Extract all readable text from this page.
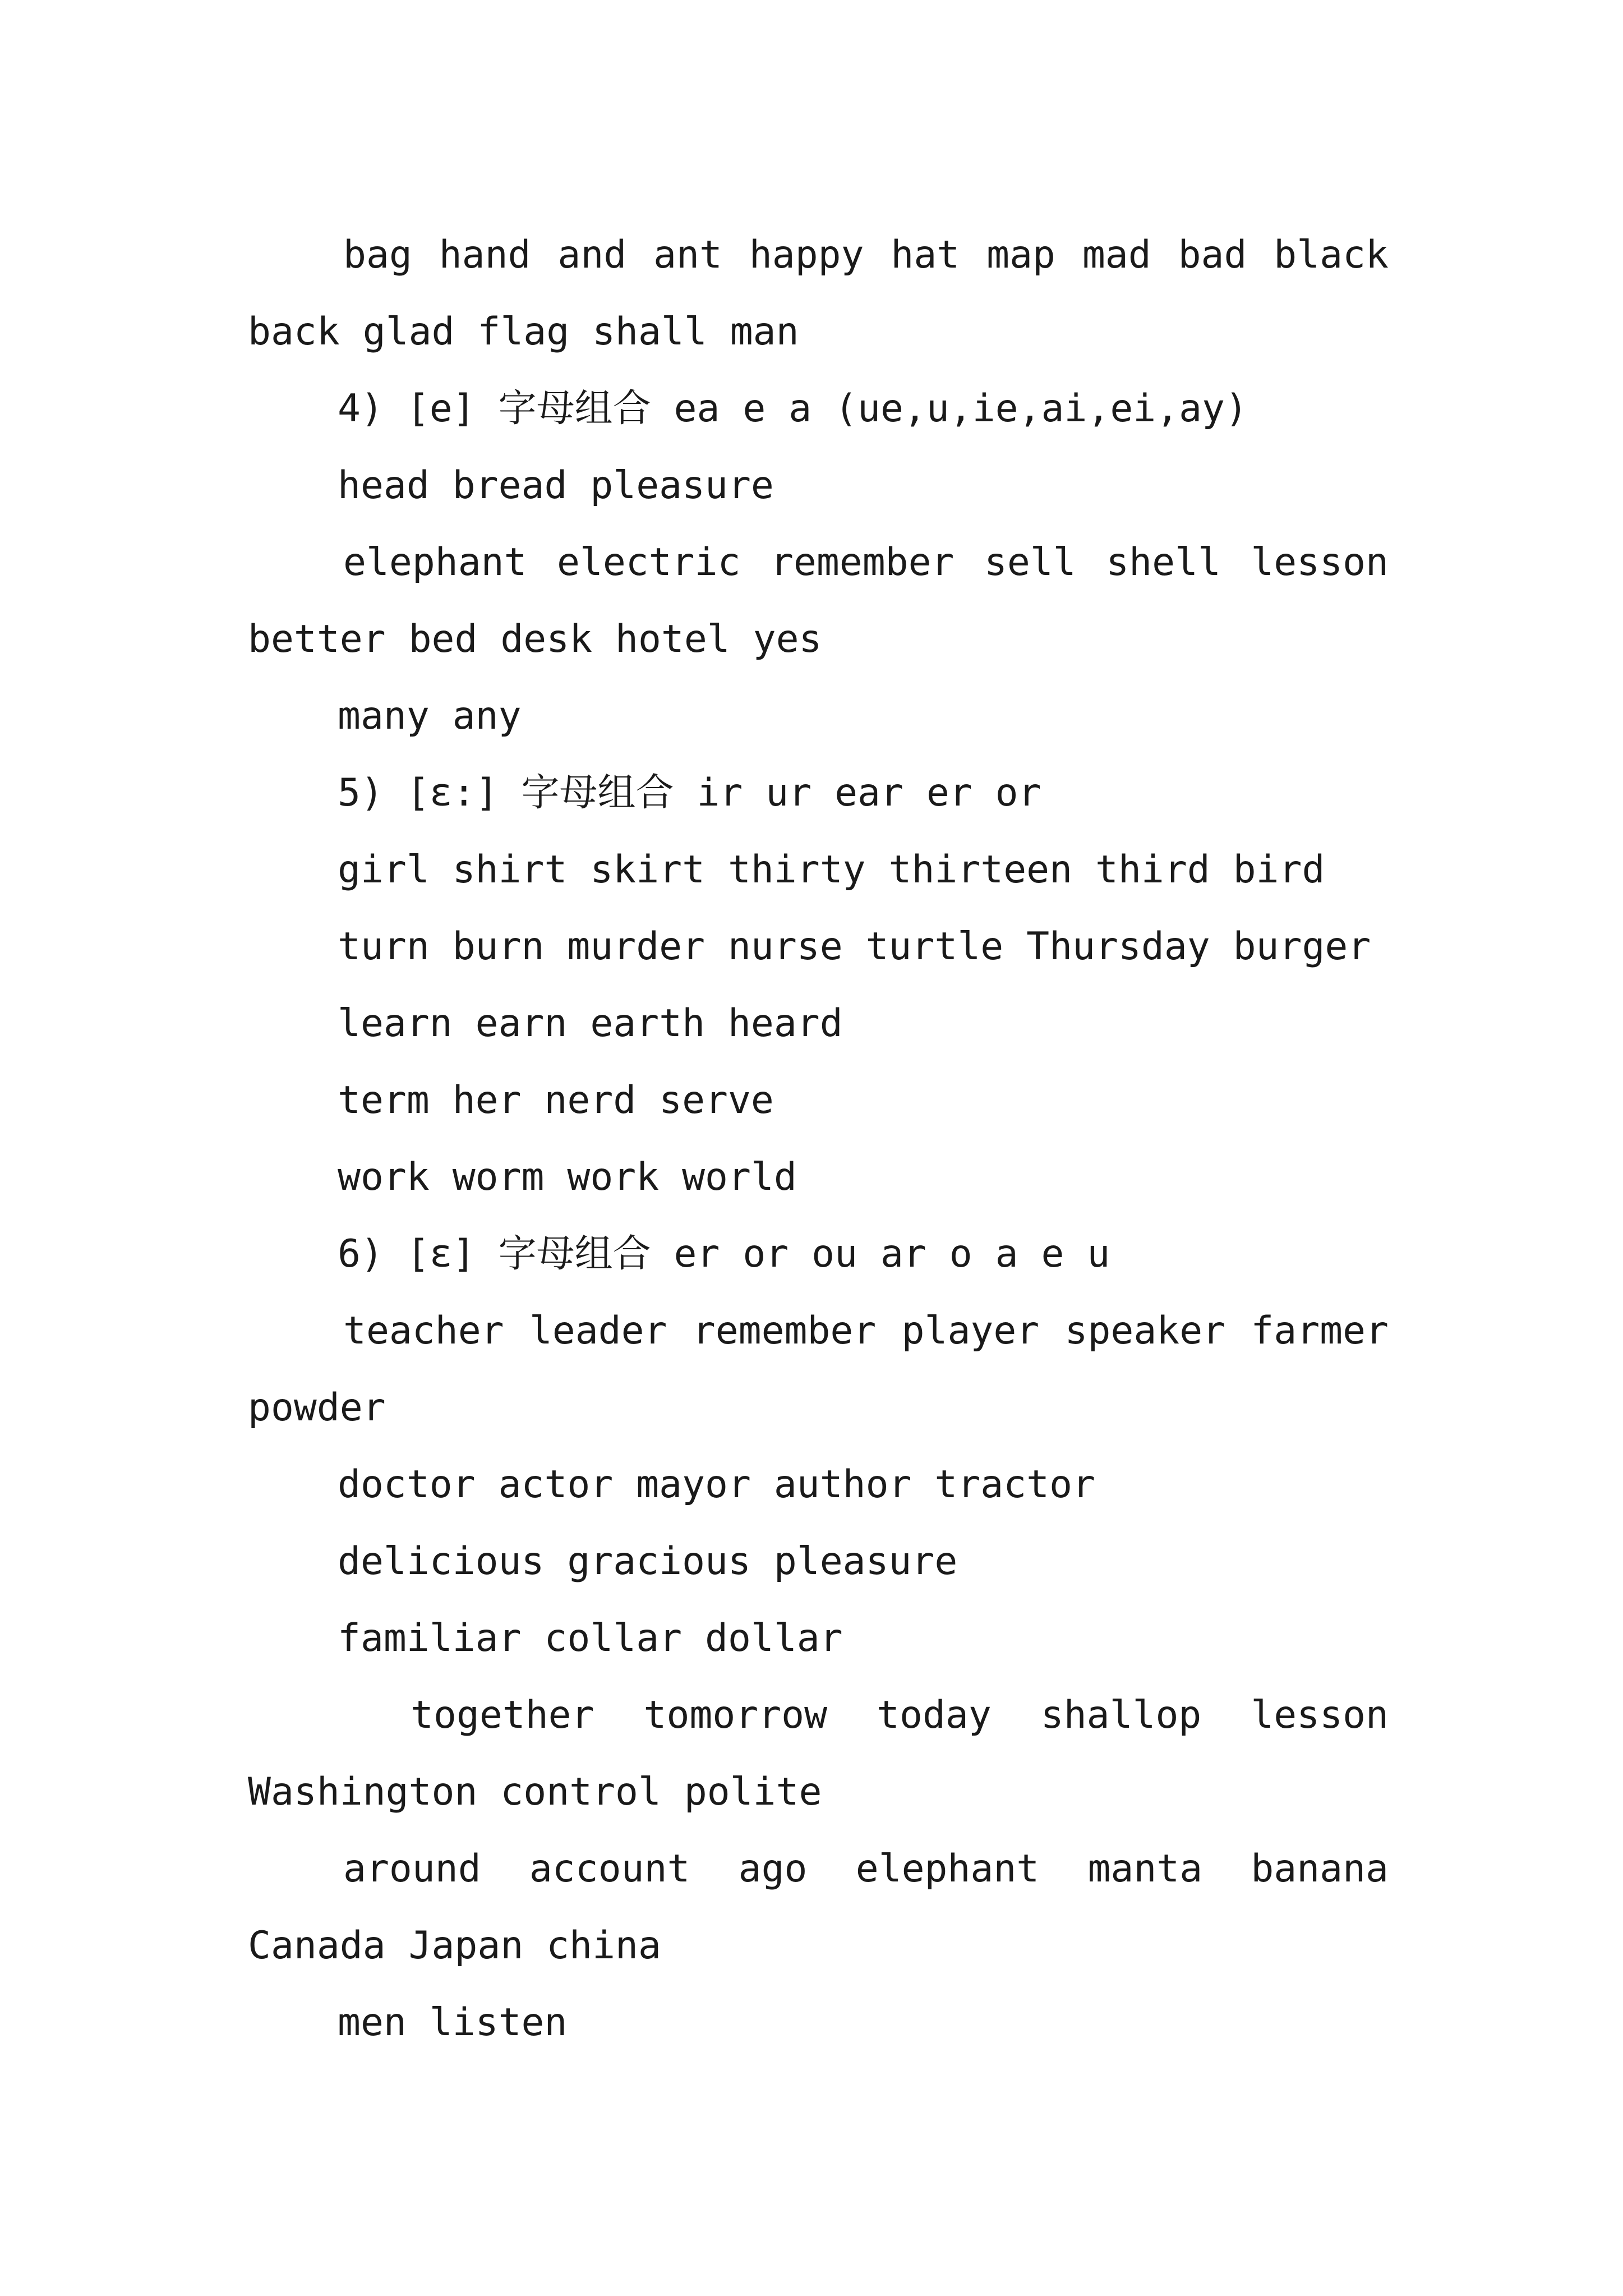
bag hand and ant happy hat map mad bad black back glad flag shall man

4) [e] 字母组合 ea e a (ue,u,ie,ai,ei,ay)

head bread pleasure

elephant electric remember sell shell lesson better bed desk hotel yes

many any

5) [ɛ:] 字母组合 ir ur ear er or

girl shirt skirt thirty thirteen third bird

turn burn murder nurse turtle Thursday burger

learn earn earth heard

term her nerd serve

work worm work world

6) [ɛ] 字母组合 er or ou ar o a e u

teacher leader remember player speaker farmer powder

doctor actor mayor author tractor

delicious gracious pleasure

familiar collar dollar

together tomorrow today shallop lesson Washington control polite

around account ago elephant manta banana Canada Japan china

men listen
